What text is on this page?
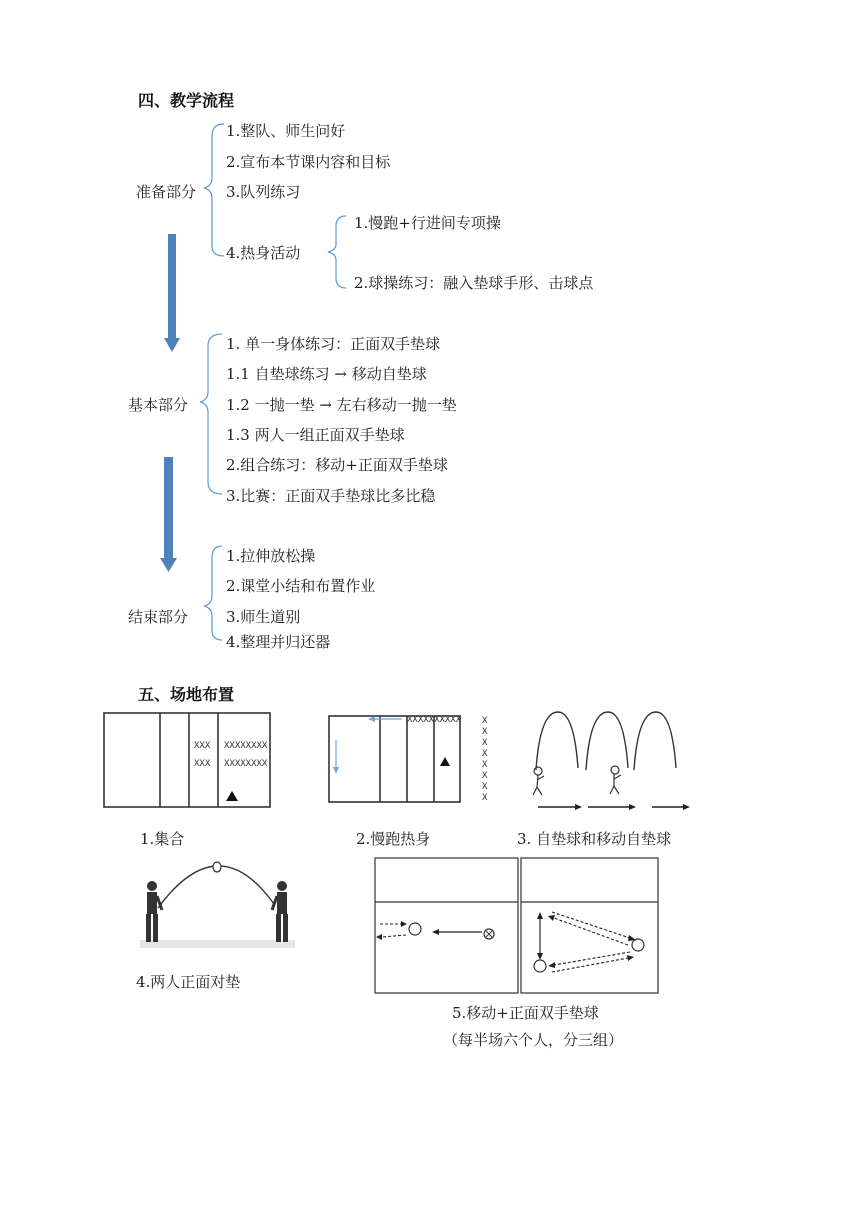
四、教学流程
准备部分
1.整队、师生问好
2.宣布本节课内容和目标
3.队列练习
4.热身活动
1.慢跑+行进间专项操
2.球操练习：融入垫球手形、击球点
基本部分
1. 单一身体练习：正面双手垫球
1.1 自垫球练习 → 移动自垫球
1.2 一抛一垫 → 左右移动一抛一垫
1.3 两人一组正面双手垫球
2.组合练习：移动+正面双手垫球
3.比赛：正面双手垫球比多比稳
结束部分
1.拉伸放松操
2.课堂小结和布置作业
3.师生道别
4.整理并归还器
五、场地布置
XXX
XXX
XXXXXXXX
XXXXXXXX
XXXXXXXXXX X
X
X
X
X
X
X
X
1.集合	2.慢跑热身	3. 自垫球和移动自垫球
4.两人正面对垫
5.移动+正面双手垫球
（每半场六个人，分三组）
